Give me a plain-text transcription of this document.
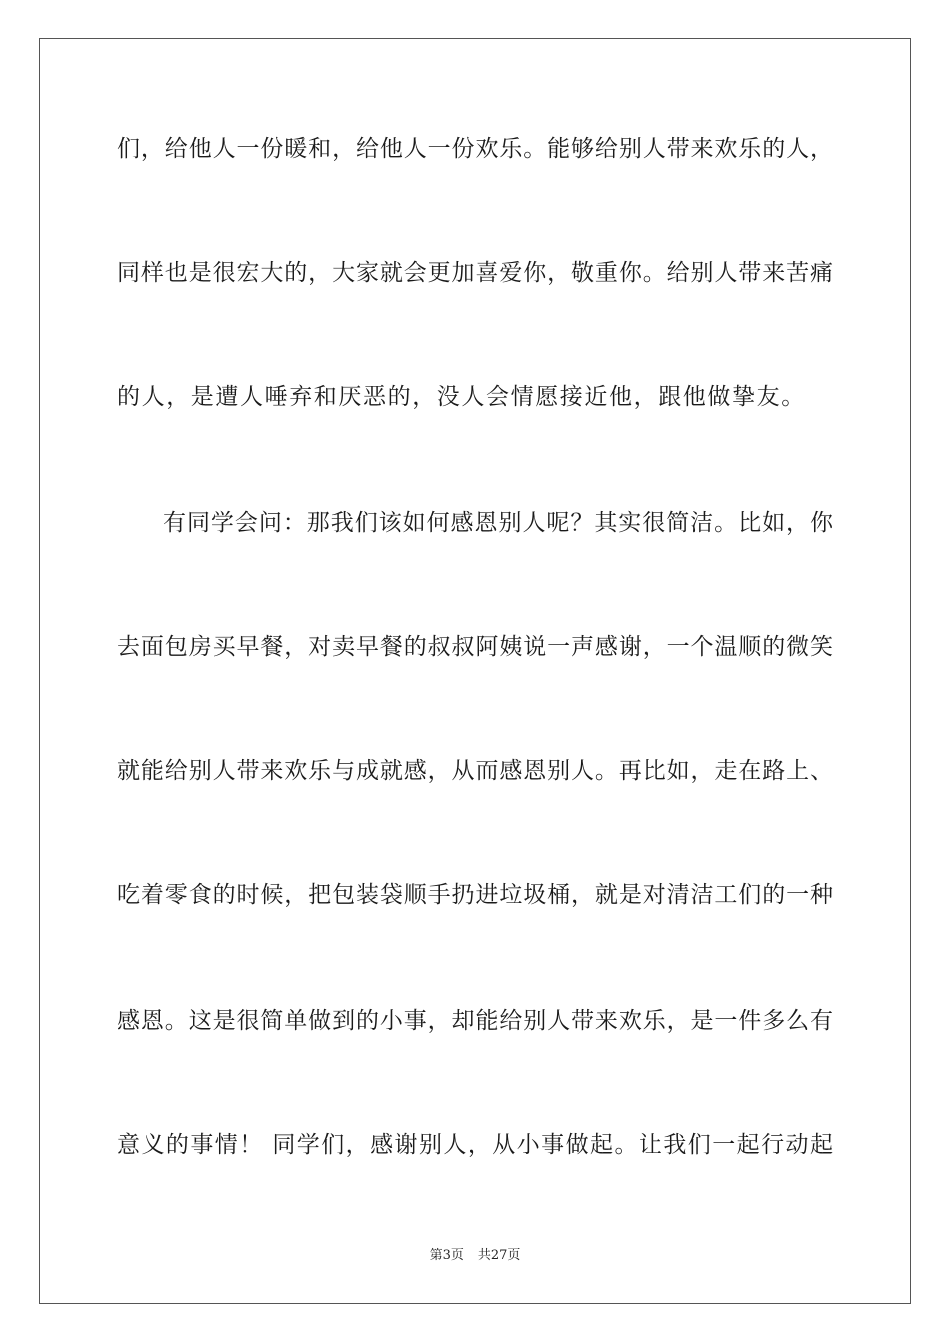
们，给他人一份暖和，给他人一份欢乐。能够给别人带来欢乐的人，
同样也是很宏大的，大家就会更加喜爱你，敬重你。给别人带来苦痛
的人，是遭人唾弃和厌恶的，没人会情愿接近他，跟他做挚友。
有同学会问：那我们该如何感恩别人呢？其实很简洁。比如，你
去面包房买早餐，对卖早餐的叔叔阿姨说一声感谢，一个温顺的微笑
就能给别人带来欢乐与成就感，从而感恩别人。再比如，走在路上、
吃着零食的时候，把包装袋顺手扔进垃圾桶，就是对清洁工们的一种
感恩。这是很简单做到的小事，却能给别人带来欢乐，是一件多么有
意义的事情！ 同学们，感谢别人，从小事做起。让我们一起行动起
第3页 共27页
